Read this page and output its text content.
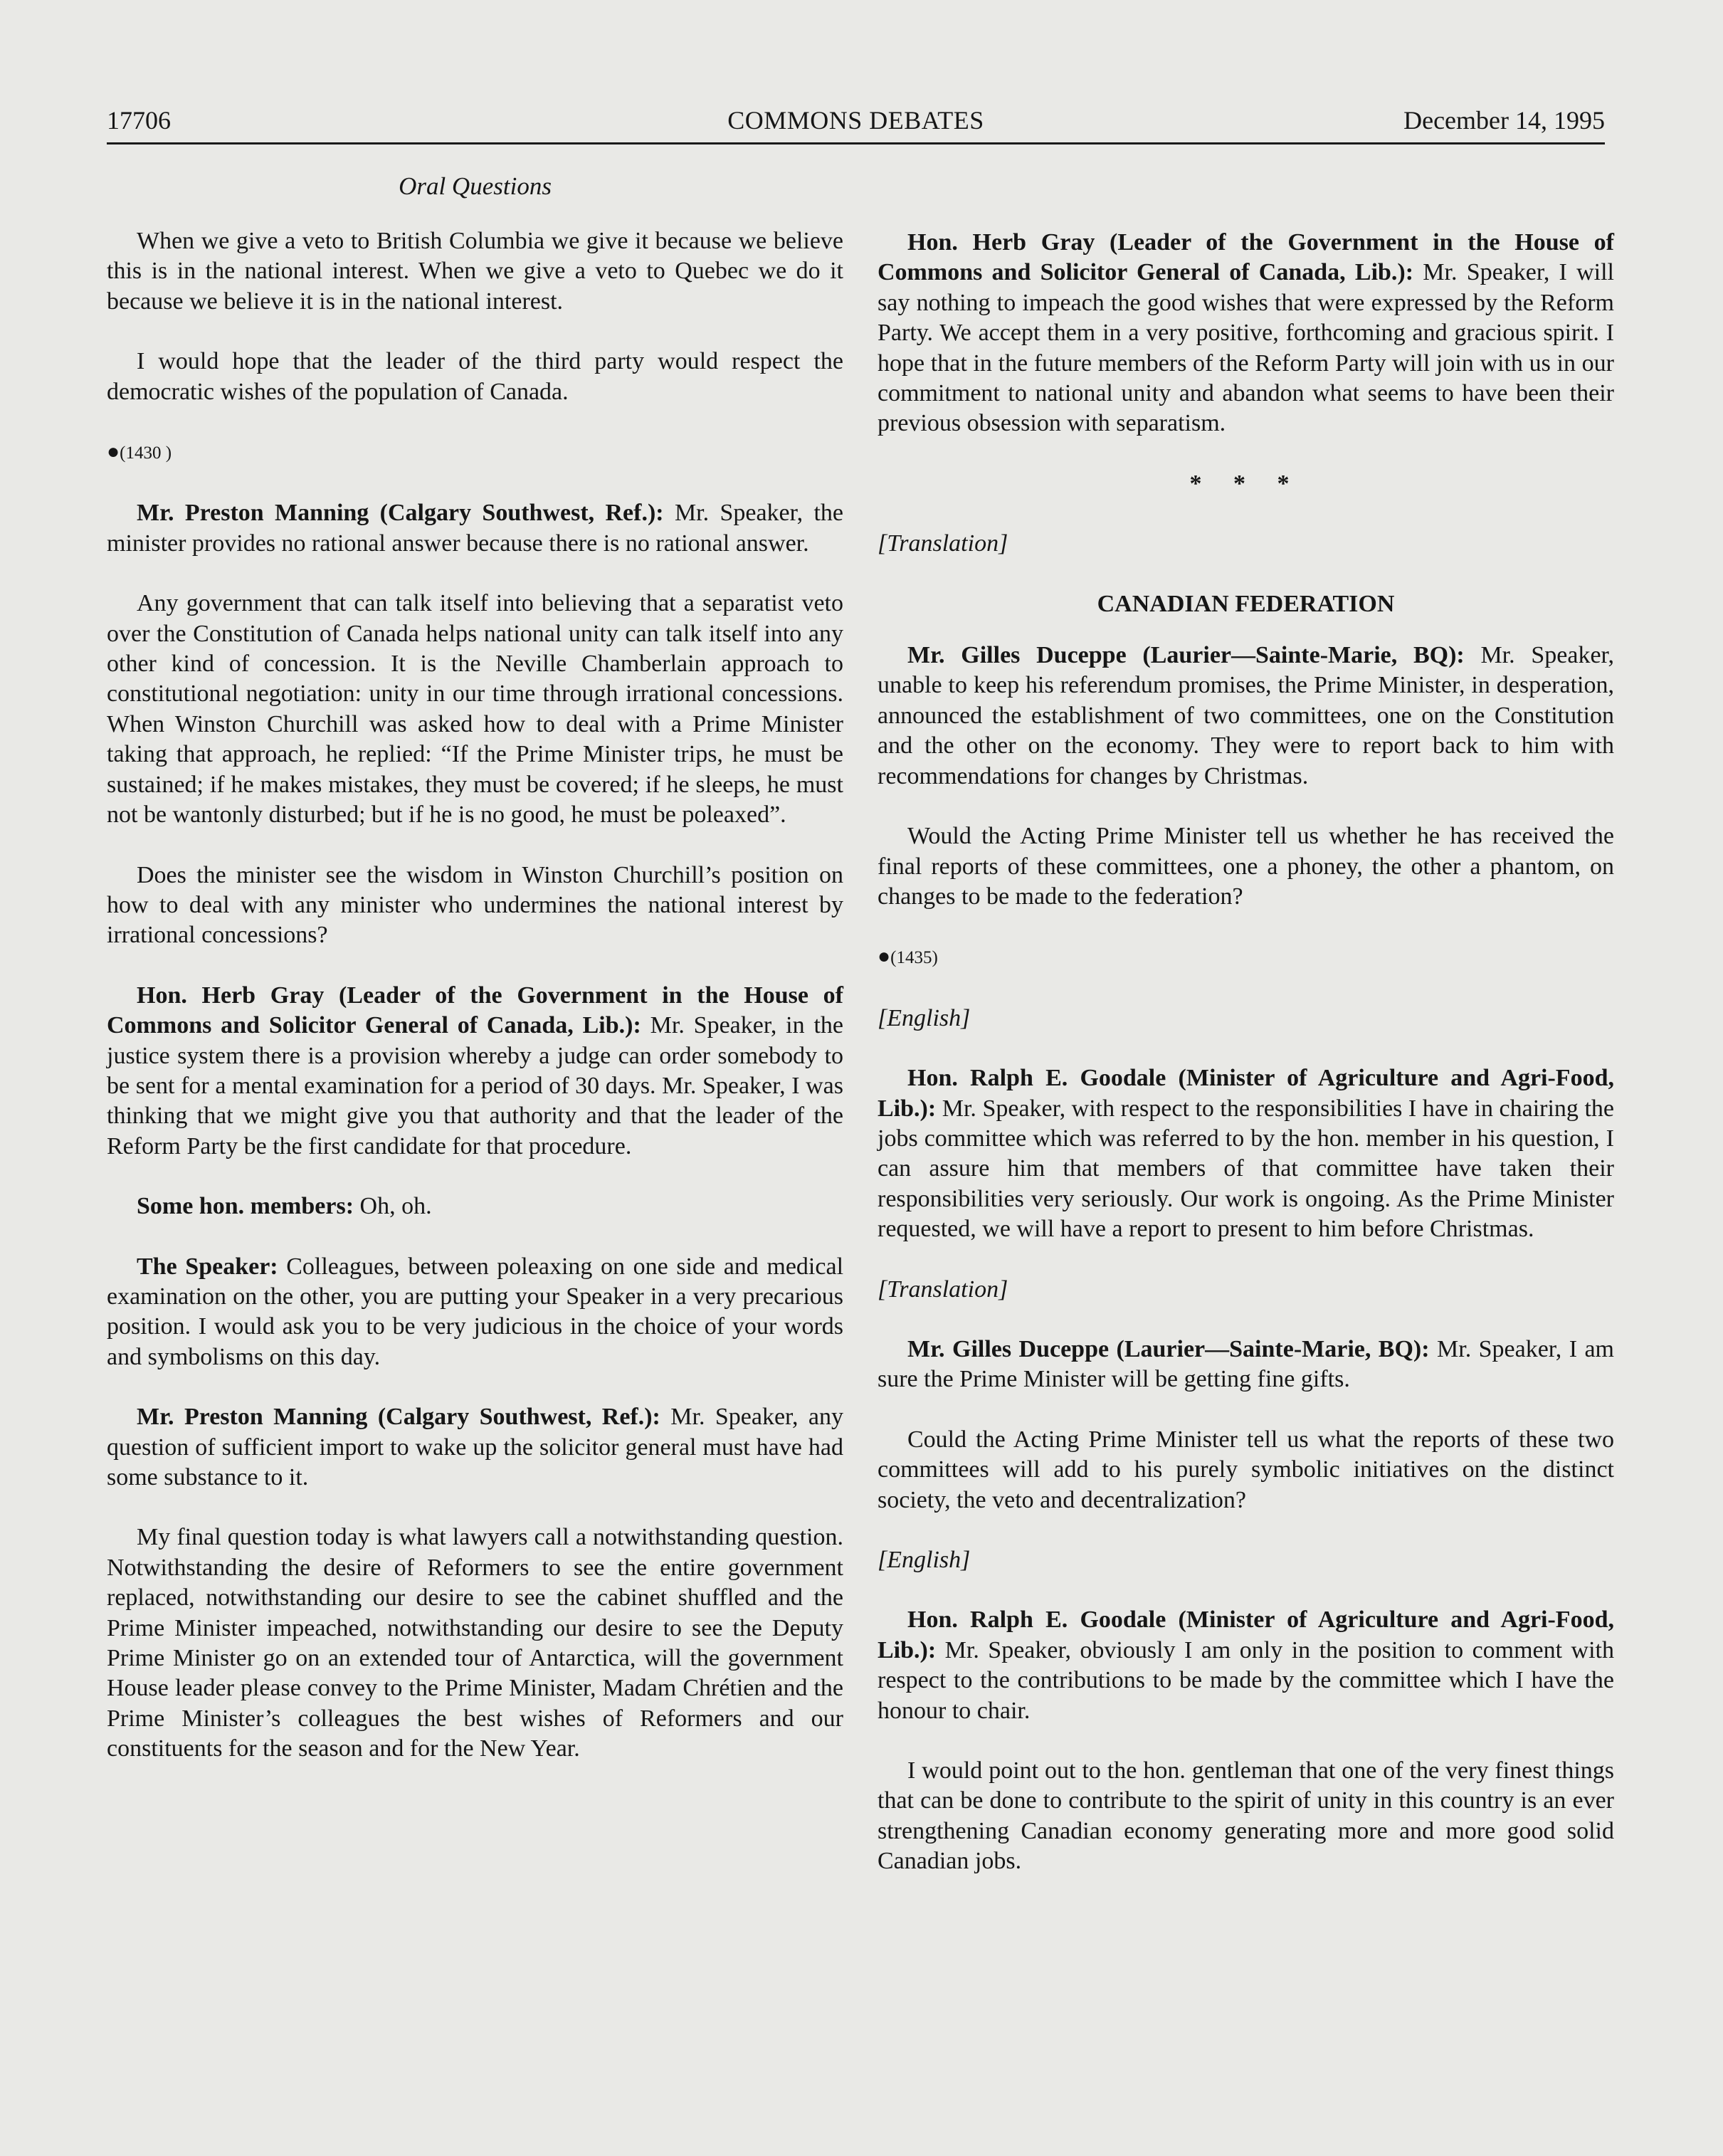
17706	COMMONS DEBATES	December 14, 1995
Oral Questions

When we give a veto to British Columbia we give it because we believe this is in the national interest. When we give a veto to Quebec we do it because we believe it is in the national interest.

I would hope that the leader of the third party would respect the democratic wishes of the population of Canada.

●(1430 )

Mr. Preston Manning (Calgary Southwest, Ref.): Mr. Speaker, the minister provides no rational answer because there is no rational answer.

Any government that can talk itself into believing that a separatist veto over the Constitution of Canada helps national unity can talk itself into any other kind of concession. It is the Neville Chamberlain approach to constitutional negotiation: unity in our time through irrational concessions. When Winston Churchill was asked how to deal with a Prime Minister taking that approach, he replied: “If the Prime Minister trips, he must be sustained; if he makes mistakes, they must be covered; if he sleeps, he must not be wantonly disturbed; but if he is no good, he must be poleaxed”.

Does the minister see the wisdom in Winston Churchill’s position on how to deal with any minister who undermines the national interest by irrational concessions?

Hon. Herb Gray (Leader of the Government in the House of Commons and Solicitor General of Canada, Lib.): Mr. Speaker, in the justice system there is a provision whereby a judge can order somebody to be sent for a mental examination for a period of 30 days. Mr. Speaker, I was thinking that we might give you that authority and that the leader of the Reform Party be the first candidate for that procedure.

Some hon. members: Oh, oh.

The Speaker: Colleagues, between poleaxing on one side and medical examination on the other, you are putting your Speaker in a very precarious position. I would ask you to be very judicious in the choice of your words and symbolisms on this day.

Mr. Preston Manning (Calgary Southwest, Ref.): Mr. Speaker, any question of sufficient import to wake up the solicitor general must have had some substance to it.

My final question today is what lawyers call a notwithstanding question. Notwithstanding the desire of Reformers to see the entire government replaced, notwithstanding our desire to see the cabinet shuffled and the Prime Minister impeached, notwithstanding our desire to see the Deputy Prime Minister go on an extended tour of Antarctica, will the government House leader please convey to the Prime Minister, Madam Chrétien and the Prime Minister’s colleagues the best wishes of Reformers and our constituents for the season and for the New Year.

Hon. Herb Gray (Leader of the Government in the House of Commons and Solicitor General of Canada, Lib.): Mr. Speaker, I will say nothing to impeach the good wishes that were expressed by the Reform Party. We accept them in a very positive, forthcoming and gracious spirit. I hope that in the future members of the Reform Party will join with us in our commitment to national unity and abandon what seems to have been their previous obsession with separatism.

* * *

[Translation]

CANADIAN FEDERATION

Mr. Gilles Duceppe (Laurier—Sainte-Marie, BQ): Mr. Speaker, unable to keep his referendum promises, the Prime Minister, in desperation, announced the establishment of two committees, one on the Constitution and the other on the economy. They were to report back to him with recommendations for changes by Christmas.

Would the Acting Prime Minister tell us whether he has received the final reports of these committees, one a phoney, the other a phantom, on changes to be made to the federation?

●(1435)

[English]

Hon. Ralph E. Goodale (Minister of Agriculture and Agri-Food, Lib.): Mr. Speaker, with respect to the responsibilities I have in chairing the jobs committee which was referred to by the hon. member in his question, I can assure him that members of that committee have taken their responsibilities very seriously. Our work is ongoing. As the Prime Minister requested, we will have a report to present to him before Christmas.

[Translation]

Mr. Gilles Duceppe (Laurier—Sainte-Marie, BQ): Mr. Speaker, I am sure the Prime Minister will be getting fine gifts.

Could the Acting Prime Minister tell us what the reports of these two committees will add to his purely symbolic initiatives on the distinct society, the veto and decentralization?

[English]

Hon. Ralph E. Goodale (Minister of Agriculture and Agri-Food, Lib.): Mr. Speaker, obviously I am only in the position to comment with respect to the contributions to be made by the committee which I have the honour to chair.

I would point out to the hon. gentleman that one of the very finest things that can be done to contribute to the spirit of unity in this country is an ever strengthening Canadian economy generating more and more good solid Canadian jobs.
